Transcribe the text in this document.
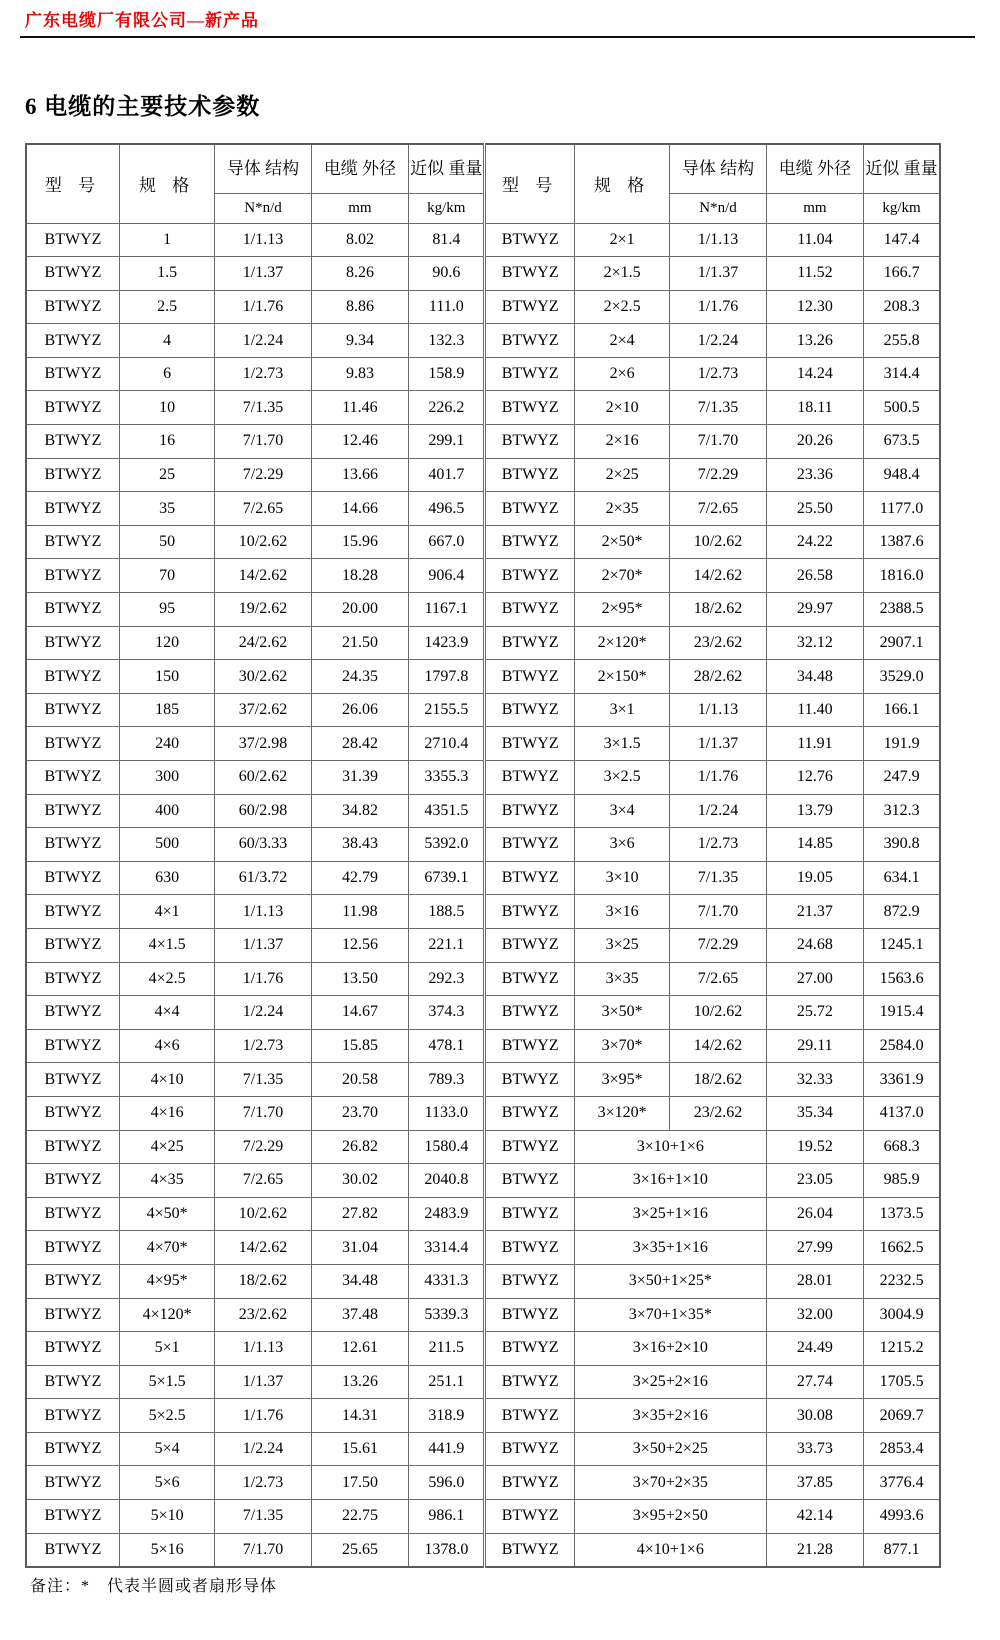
广东电缆厂有限公司—新产品
6 电缆的主要技术参数
型 号	规 格	导体 结构	电缆 外径	近似 重量	型 号	规 格	导体 结构	电缆 外径	近似 重量
		N*n/d	mm	kg/km			N*n/d	mm	kg/km
BTWYZ	1	1/1.13	8.02	81.4	BTWYZ	2×1	1/1.13	11.04	147.4
BTWYZ	1.5	1/1.37	8.26	90.6	BTWYZ	2×1.5	1/1.37	11.52	166.7
BTWYZ	2.5	1/1.76	8.86	111.0	BTWYZ	2×2.5	1/1.76	12.30	208.3
BTWYZ	4	1/2.24	9.34	132.3	BTWYZ	2×4	1/2.24	13.26	255.8
BTWYZ	6	1/2.73	9.83	158.9	BTWYZ	2×6	1/2.73	14.24	314.4
BTWYZ	10	7/1.35	11.46	226.2	BTWYZ	2×10	7/1.35	18.11	500.5
BTWYZ	16	7/1.70	12.46	299.1	BTWYZ	2×16	7/1.70	20.26	673.5
BTWYZ	25	7/2.29	13.66	401.7	BTWYZ	2×25	7/2.29	23.36	948.4
BTWYZ	35	7/2.65	14.66	496.5	BTWYZ	2×35	7/2.65	25.50	1177.0
BTWYZ	50	10/2.62	15.96	667.0	BTWYZ	2×50*	10/2.62	24.22	1387.6
BTWYZ	70	14/2.62	18.28	906.4	BTWYZ	2×70*	14/2.62	26.58	1816.0
BTWYZ	95	19/2.62	20.00	1167.1	BTWYZ	2×95*	18/2.62	29.97	2388.5
BTWYZ	120	24/2.62	21.50	1423.9	BTWYZ	2×120*	23/2.62	32.12	2907.1
BTWYZ	150	30/2.62	24.35	1797.8	BTWYZ	2×150*	28/2.62	34.48	3529.0
BTWYZ	185	37/2.62	26.06	2155.5	BTWYZ	3×1	1/1.13	11.40	166.1
BTWYZ	240	37/2.98	28.42	2710.4	BTWYZ	3×1.5	1/1.37	11.91	191.9
BTWYZ	300	60/2.62	31.39	3355.3	BTWYZ	3×2.5	1/1.76	12.76	247.9
BTWYZ	400	60/2.98	34.82	4351.5	BTWYZ	3×4	1/2.24	13.79	312.3
BTWYZ	500	60/3.33	38.43	5392.0	BTWYZ	3×6	1/2.73	14.85	390.8
BTWYZ	630	61/3.72	42.79	6739.1	BTWYZ	3×10	7/1.35	19.05	634.1
BTWYZ	4×1	1/1.13	11.98	188.5	BTWYZ	3×16	7/1.70	21.37	872.9
BTWYZ	4×1.5	1/1.37	12.56	221.1	BTWYZ	3×25	7/2.29	24.68	1245.1
BTWYZ	4×2.5	1/1.76	13.50	292.3	BTWYZ	3×35	7/2.65	27.00	1563.6
BTWYZ	4×4	1/2.24	14.67	374.3	BTWYZ	3×50*	10/2.62	25.72	1915.4
BTWYZ	4×6	1/2.73	15.85	478.1	BTWYZ	3×70*	14/2.62	29.11	2584.0
BTWYZ	4×10	7/1.35	20.58	789.3	BTWYZ	3×95*	18/2.62	32.33	3361.9
BTWYZ	4×16	7/1.70	23.70	1133.0	BTWYZ	3×120*	23/2.62	35.34	4137.0
BTWYZ	4×25	7/2.29	26.82	1580.4	BTWYZ	3×10+1×6		19.52	668.3
BTWYZ	4×35	7/2.65	30.02	2040.8	BTWYZ	3×16+1×10		23.05	985.9
BTWYZ	4×50*	10/2.62	27.82	2483.9	BTWYZ	3×25+1×16		26.04	1373.5
BTWYZ	4×70*	14/2.62	31.04	3314.4	BTWYZ	3×35+1×16		27.99	1662.5
BTWYZ	4×95*	18/2.62	34.48	4331.3	BTWYZ	3×50+1×25*		28.01	2232.5
BTWYZ	4×120*	23/2.62	37.48	5339.3	BTWYZ	3×70+1×35*		32.00	3004.9
BTWYZ	5×1	1/1.13	12.61	211.5	BTWYZ	3×16+2×10		24.49	1215.2
BTWYZ	5×1.5	1/1.37	13.26	251.1	BTWYZ	3×25+2×16		27.74	1705.5
BTWYZ	5×2.5	1/1.76	14.31	318.9	BTWYZ	3×35+2×16		30.08	2069.7
BTWYZ	5×4	1/2.24	15.61	441.9	BTWYZ	3×50+2×25		33.73	2853.4
BTWYZ	5×6	1/2.73	17.50	596.0	BTWYZ	3×70+2×35		37.85	3776.4
BTWYZ	5×10	7/1.35	22.75	986.1	BTWYZ	3×95+2×50		42.14	4993.6
BTWYZ	5×16	7/1.70	25.65	1378.0	BTWYZ	4×10+1×6		21.28	877.1
备注：*　代表半圆或者扇形导体
